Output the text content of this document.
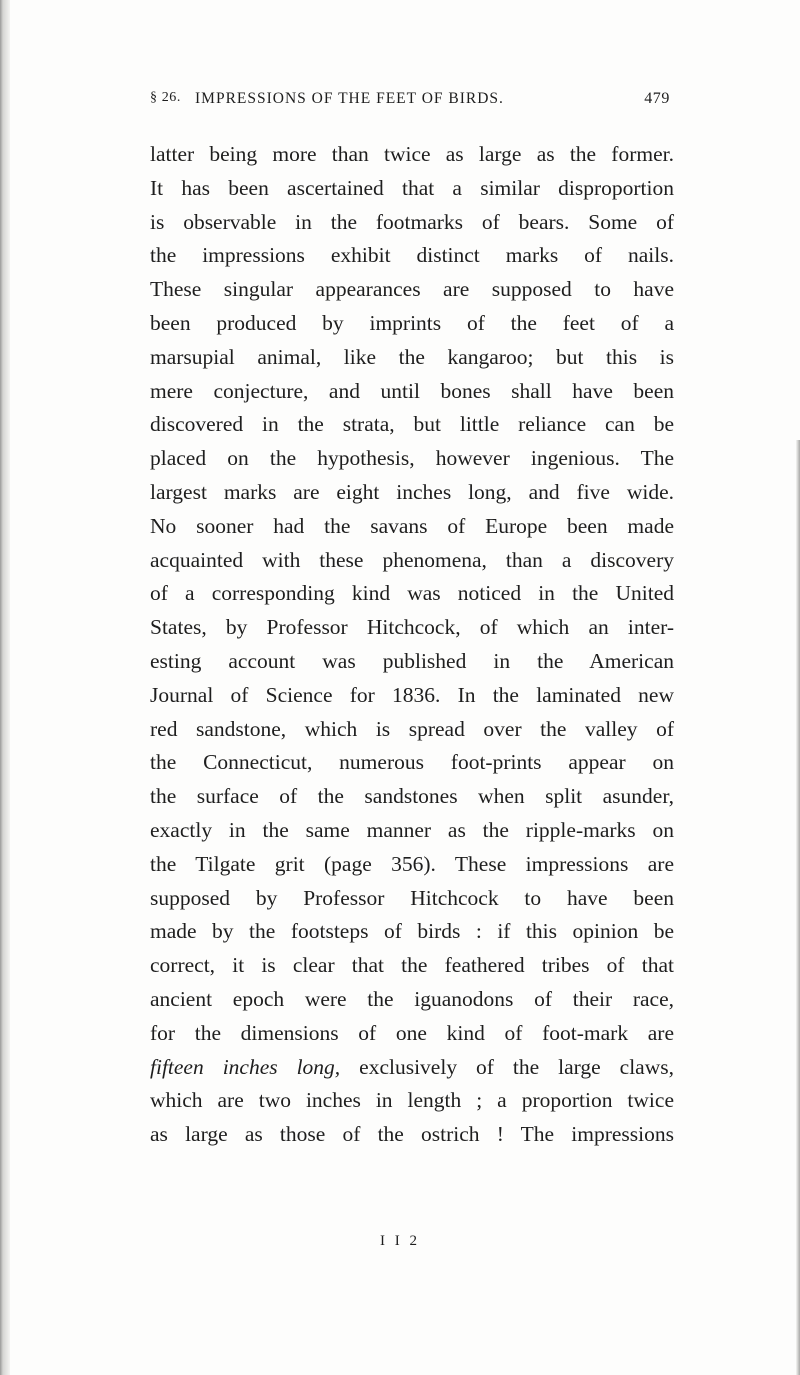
§ 26. IMPRESSIONS OF THE FEET OF BIRDS.	479
latter being more than twice as large as the former.
It has been ascertained that a similar disproportion
is observable in the footmarks of bears. Some of
the impressions exhibit distinct marks of nails.
These singular appearances are supposed to have
been produced by imprints of the feet of a
marsupial animal, like the kangaroo; but this is
mere conjecture, and until bones shall have been
discovered in the strata, but little reliance can be
placed on the hypothesis, however ingenious. The
largest marks are eight inches long, and five wide.
No sooner had the savans of Europe been made
acquainted with these phenomena, than a discovery
of a corresponding kind was noticed in the United
States, by Professor Hitchcock, of which an inter-
esting account was published in the American
Journal of Science for 1836. In the laminated new
red sandstone, which is spread over the valley of
the Connecticut, numerous foot-prints appear on
the surface of the sandstones when split asunder,
exactly in the same manner as the ripple-marks on
the Tilgate grit (page 356). These impressions are
supposed by Professor Hitchcock to have been
made by the footsteps of birds : if this opinion be
correct, it is clear that the feathered tribes of that
ancient epoch were the iguanodons of their race,
for the dimensions of one kind of foot-mark are
fifteen inches long, exclusively of the large claws,
which are two inches in length ; a proportion twice
as large as those of the ostrich ! The impressions
I I 2
